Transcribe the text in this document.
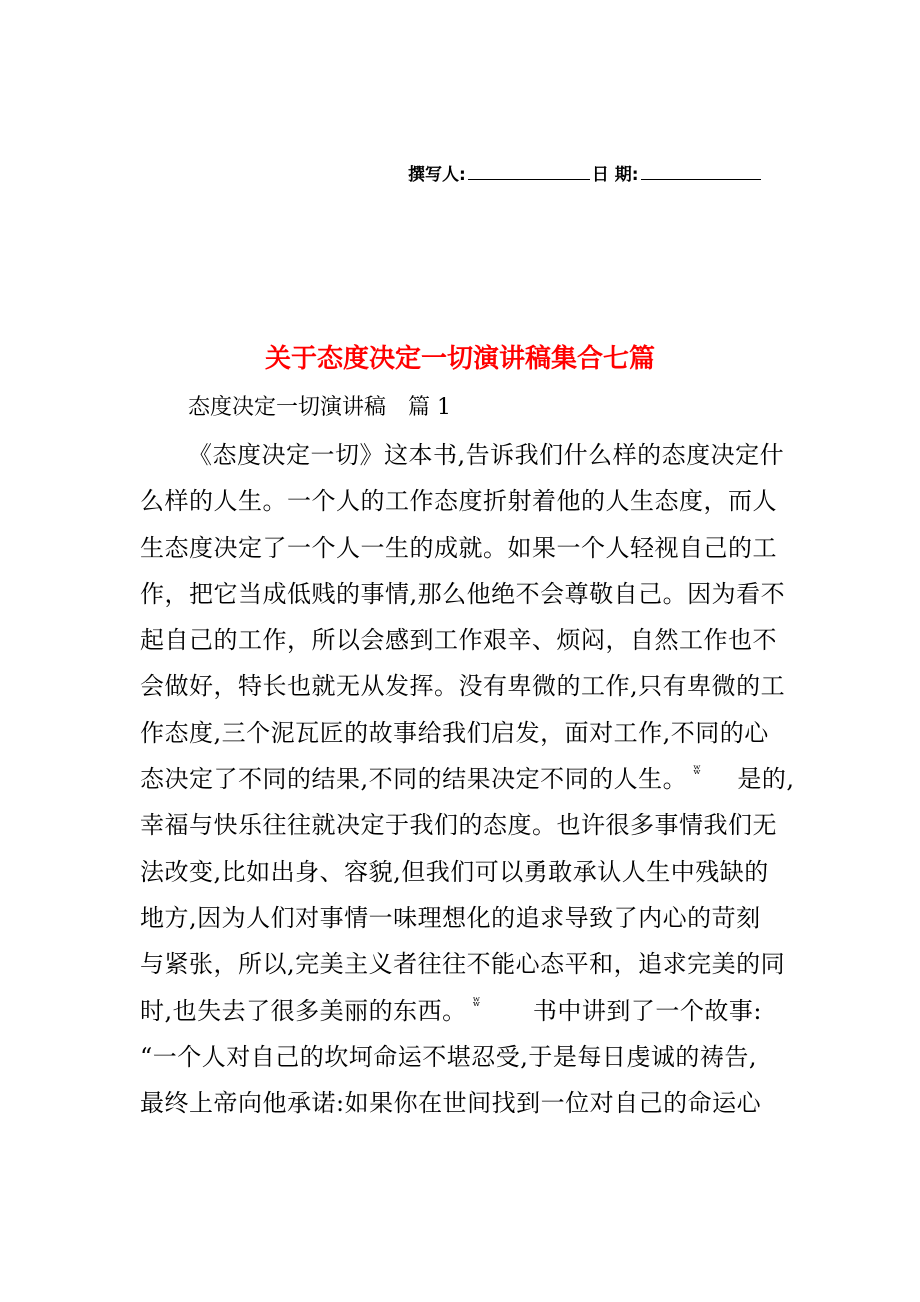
撰写人:	日 期:
关于态度决定一切演讲稿集合七篇
态度决定一切演讲稿 篇 1
《态度决定一切》这本书,告诉我们什么样的态度决定什
么样的人生。一个人的工作态度折射着他的人生态度，而人
生态度决定了一个人一生的成就。如果一个人轻视自己的工
作，把它当成低贱的事情,那么他绝不会尊敬自己。因为看不
起自己的工作，所以会感到工作艰辛、烦闷，自然工作也不
会做好，特长也就无从发挥。没有卑微的工作,只有卑微的工
作态度,三个泥瓦匠的故事给我们启发，面对工作,不同的心
态决定了不同的结果,不同的结果决定不同的人生。 ʬ 是的,
幸福与快乐往往就决定于我们的态度。也许很多事情我们无
法改变,比如出身、容貌,但我们可以勇敢承认人生中残缺的
地方,因为人们对事情一味理想化的追求导致了内心的苛刻
与紧张，所以,完美主义者往往不能心态平和，追求完美的同
时,也失去了很多美丽的东西。 ʬ 书中讲到了一个故事:
“一个人对自己的坎坷命运不堪忍受,于是每日虔诚的祷告,
最终上帝向他承诺:如果你在世间找到一位对自己的命运心
